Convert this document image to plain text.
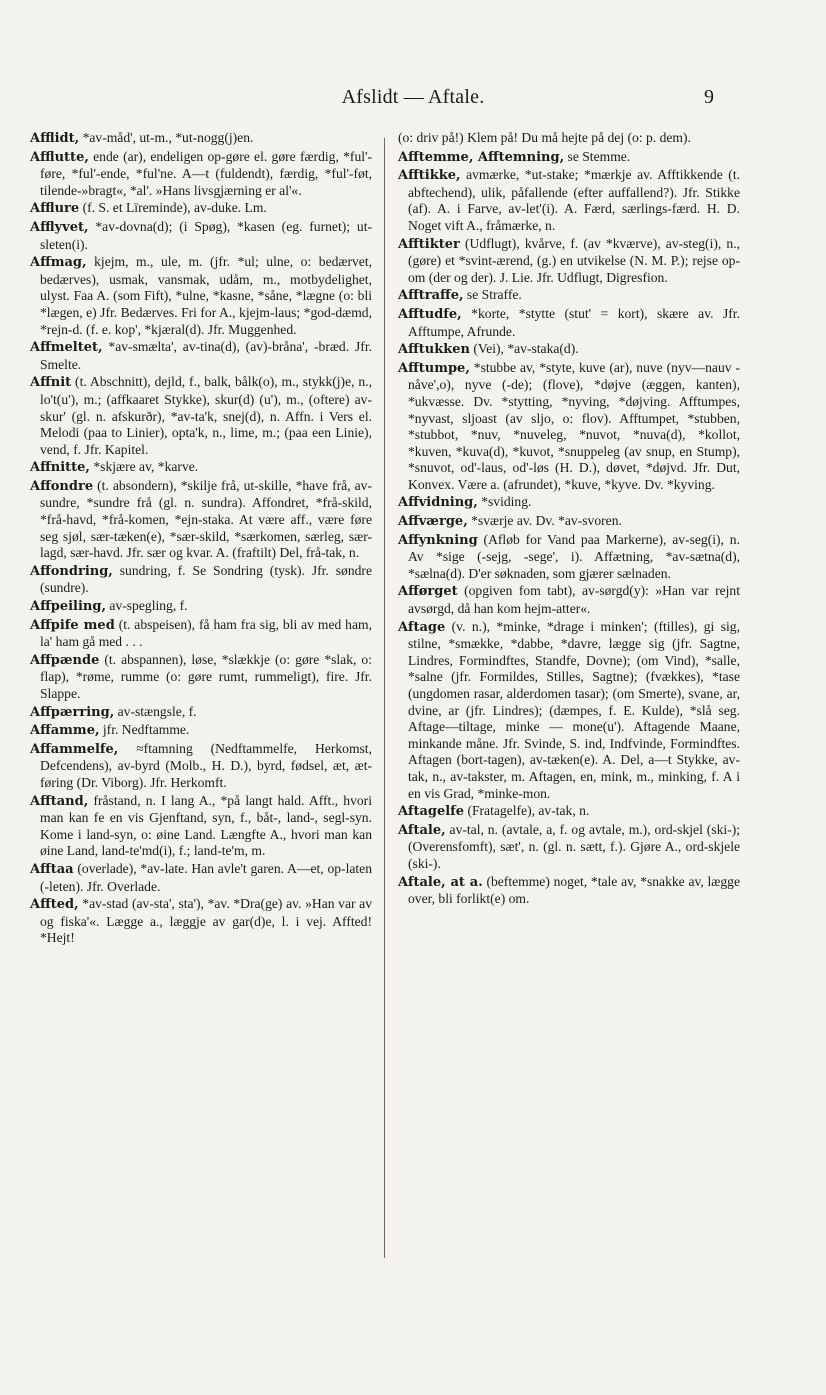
Afslidt — Aftale.	9

Afflidt, *av-måd', ut-m., *ut-nogg(j)en.

Afflutte, ende (ar), endeligen op-gøre el. gøre færdig, *ful'-føre, *ful'-ende, *ful'ne. A—t (fuldendt), færdig, *ful'-føt, tilende-»bragt«, *al'. »Hans livsgjærning er al'«.

Afflure (f. S. et Lïreminde), av-duke. Lm.

Afflyvet, *av-dovna(d); (i Spøg), *kasen (eg. furnet); ut-sleten(i).

Affmag, kjejm, m., ule, m. (jfr. *ul; ulne, o: bedærvet, bedærves), usmak, vansmak, udåm, m., motbydelighet, ulyst. Faa A. (som Fift), *ulne, *kasne, *såne, *lægne (o: bli *lægen, e) Jfr. Bedærves. Fri for A., kjejm-laus; *god-dæmd, *rejn-d. (f. e. kop', *kjæral(d). Jfr. Muggenhed.

Affmeltet, *av-smælta', av-tina(d), (av)-bråna', -bræd. Jfr. Smelte.

Affnit (t. Abschnitt), dejld, f., balk, bålk(o), m., stykk(j)e, n., lo't(u'), m.; (affkaaret Stykke), skur(d) (u'), m., (oftere) av-skur' (gl. n. afskurðr), *av-ta'k, snej(d), n. Affn. i Vers el. Melodi (paa to Linier), opta'k, n., lime, m.; (paa een Linie), vend, f. Jfr. Kapitel.

Affnitte, *skjære av, *karve.

Affondre (t. absondern), *skilje frå, ut-skille, *have frå, av-sundre, *sundre frå (gl. n. sundra). Affondret, *frå-skild, *frå-havd, *frå-komen, *ejn-staka. At være aff., være føre seg sjøl, sær-tæken(e), *sær-skild, *særkomen, særleg, sær-lagd, sær-havd. Jfr. sær og kvar. A. (fraftilt) Del, frå-tak, n.

Affondring, sundring, f. Se Sondring (tysk). Jfr. søndre (sundre).

Affpeiling, av-spegling, f.

Affpife med (t. abspeisen), få ham fra sig, bli av med ham, la' ham gå med . . .

Affpænde (t. abspannen), løse, *slækkje (o: gøre *slak, o: flap), *røme, rumme (o: gøre rumt, rummeligt), fire. Jfr. Slappe.

Affpærring, av-stængsle, f.

Affamme, jfr. Nedftamme.

Affammelfe, ≈ftamning (Nedftammelfe, Herkomst, Defcendens), av-byrd (Molb., H. D.), byrd, fødsel, æt, æt-føring (Dr. Viborg). Jfr. Herkomft.

Afftand, fråstand, n. I lang A., *på langt hald. Afft., hvori man kan fe en vis Gjenftand, syn, f., båt-, land-, segl-syn. Kome i land-syn, o: øine Land. Længfte A., hvori man kan øine Land, land-te'md(i), f.; land-te'm, m.

Afftaa (overlade), *av-late. Han avle't garen. A—et, op-laten (-leten). Jfr. Overlade.

Affted, *av-stad (av-sta', sta'), *av. *Dra(ge) av. »Han var av og fiska'«. Lægge a., læggje av gar(d)e, l. i vej. Affted! *Hejt!

(o: driv på!) Klem på! Du må hejte på dej (o: p. dem).

Afftemme, Afftemning, se Stemme.

Afftikke, avmærke, *ut-stake; *mærkje av. Afftikkende (t. abftechend), ulik, påfallende (efter auffallend?). Jfr. Stikke (af). A. i Farve, av-let'(i). A. Færd, særlings-færd. H. D. Noget vift A., fråmærke, n.

Afftikter (Udflugt), kvårve, f. (av *kværve), av-steg(i), n., (gøre) et *svint-ærend, (g.) en utvikelse (N. M. P.); rejse op-om (der og der). J. Lie. Jfr. Udflugt, Digresfion.

Afftraffe, se Straffe.

Afftudfe, *korte, *stytte (stut' = kort), skære av. Jfr. Afftumpe, Afrunde.

Afftukken (Vei), *av-staka(d).

Afftumpe, *stubbe av, *styte, kuve (ar), nuve (nyv—nauv -nåve',o), nyve (-de); (flove), *døjve (æggen, kanten), *ukvæsse. Dv. *stytting, *nyving, *døjving. Afftumpes, *nyvast, sljoast (av sljo, o: flov). Afftumpet, *stubben, *stubbot, *nuv, *nuveleg, *nuvot, *nuva(d), *kollot, *kuven, *kuva(d), *kuvot, *snuppeleg (av snup, en Stump), *snuvot, od'-laus, od'-løs (H. D.), døvet, *døjvd. Jfr. Dut, Konvex. Være a. (afrundet), *kuve, *kyve. Dv. *kyving.

Affvidning, *sviding.

Affværge, *sværje av. Dv. *av-svoren.

Affynkning (Afløb for Vand paa Markerne), av-seg(i), n. Av *sige (-sejg, -sege', i). Affætning, *av-sætna(d), *sælna(d). D'er søknaden, som gjærer sælnaden.

Afførget (opgiven fom tabt), av-sørgd(y): »Han var rejnt avsørgd, då han kom hejm-atter«.

Aftage (v. n.), *minke, *drage i minken'; (ftilles), gi sig, stilne, *smække, *dabbe, *davre, lægge sig (jfr. Sagtne, Lindres, Formindftes, Standfe, Dovne); (om Vind), *salle, *salne (jfr. Formildes, Stilles, Sagtne); (fvækkes), *tase (ungdomen rasar, alderdomen tasar); (om Smerte), svane, ar, dvine, ar (jfr. Lindres); (dæmpes, f. E. Kulde), *slå seg. Aftage—tiltage, minke — mone(u'). Aftagende Maane, minkande måne. Jfr. Svinde, S. ind, Indfvinde, Formindftes. Aftagen (bort-tagen), av-tæken(e). A. Del, a—t Stykke, av-tak, n., av-takster, m. Aftagen, en, mink, m., minking, f. A i en vis Grad, *minke-mon.

Aftagelfe (Fratagelfe), av-tak, n.

Aftale, av-tal, n. (avtale, a, f. og avtale, m.), ord-skjel (ski-); (Overensfomft), sæt', n. (gl. n. sætt, f.). Gjøre A., ord-skjele (ski-).

Aftale, at a. (beftemme) noget, *tale av, *snakke av, lægge over, bli forlikt(e) om.
